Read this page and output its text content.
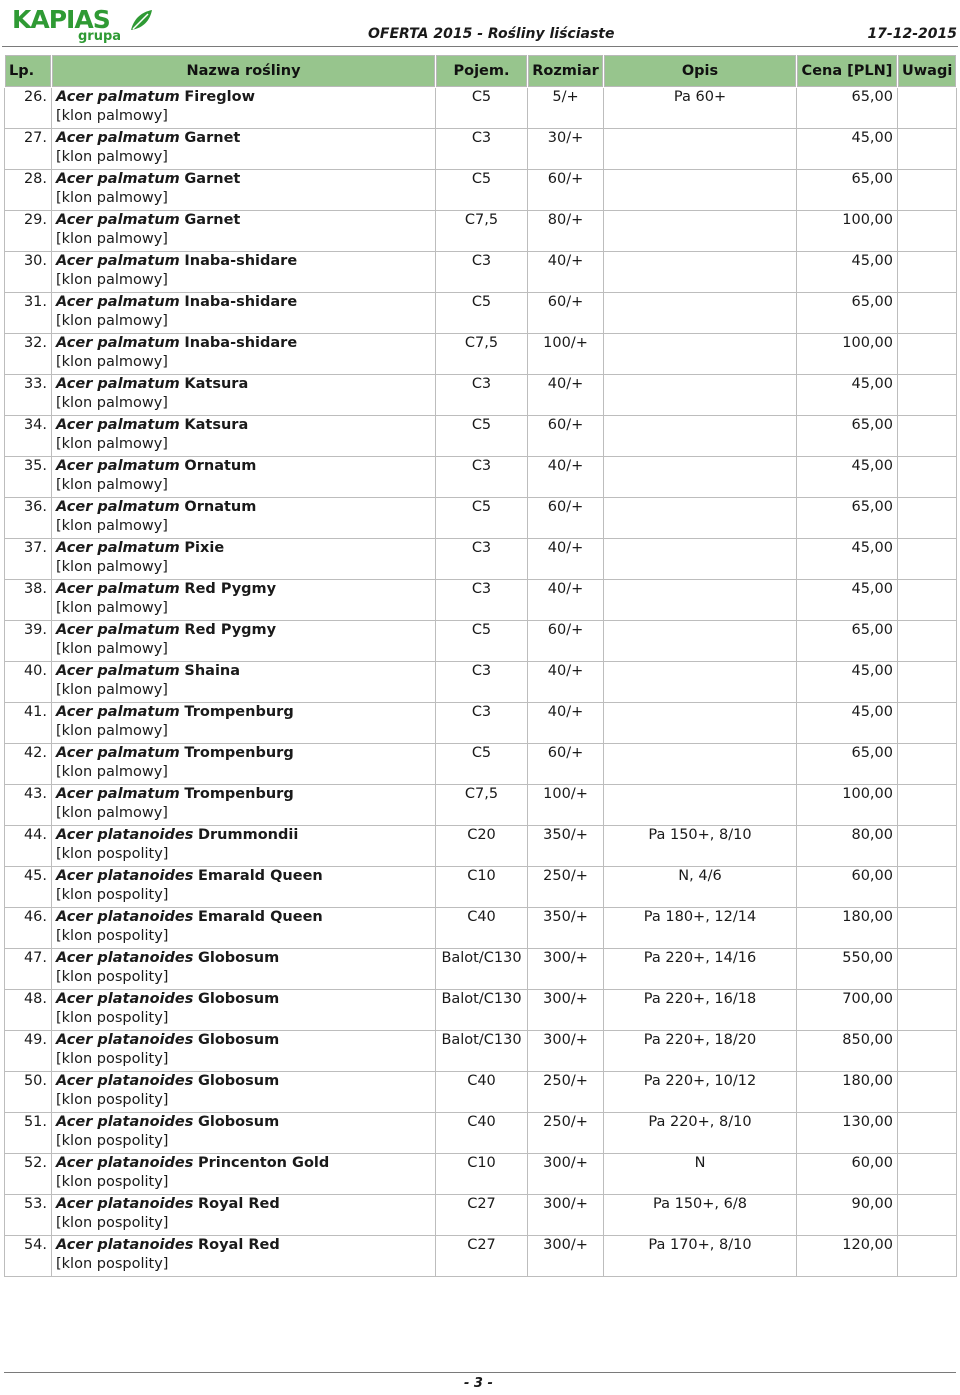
KAPIAS
grupa	OFERTA 2015 - Rośliny liściaste	17-12-2015
Lp.	Nazwa rośliny	Pojem.	Rozmiar	Opis	Cena [PLN]	Uwagi
26.	Acer palmatum Fireglow
[klon palmowy]	C5	5/+	Pa 60+	65,00	
27.	Acer palmatum Garnet
[klon palmowy]	C3	30/+		45,00	
28.	Acer palmatum Garnet
[klon palmowy]	C5	60/+		65,00	
29.	Acer palmatum Garnet
[klon palmowy]	C7,5	80/+		100,00	
30.	Acer palmatum Inaba-shidare
[klon palmowy]	C3	40/+		45,00	
31.	Acer palmatum Inaba-shidare
[klon palmowy]	C5	60/+		65,00	
32.	Acer palmatum Inaba-shidare
[klon palmowy]	C7,5	100/+		100,00	
33.	Acer palmatum Katsura
[klon palmowy]	C3	40/+		45,00	
34.	Acer palmatum Katsura
[klon palmowy]	C5	60/+		65,00	
35.	Acer palmatum Ornatum
[klon palmowy]	C3	40/+		45,00	
36.	Acer palmatum Ornatum
[klon palmowy]	C5	60/+		65,00	
37.	Acer palmatum Pixie
[klon palmowy]	C3	40/+		45,00	
38.	Acer palmatum Red Pygmy
[klon palmowy]	C3	40/+		45,00	
39.	Acer palmatum Red Pygmy
[klon palmowy]	C5	60/+		65,00	
40.	Acer palmatum Shaina
[klon palmowy]	C3	40/+		45,00	
41.	Acer palmatum Trompenburg
[klon palmowy]	C3	40/+		45,00	
42.	Acer palmatum Trompenburg
[klon palmowy]	C5	60/+		65,00	
43.	Acer palmatum Trompenburg
[klon palmowy]	C7,5	100/+		100,00	
44.	Acer platanoides Drummondii
[klon pospolity]	C20	350/+	Pa 150+, 8/10	80,00	
45.	Acer platanoides Emarald Queen
[klon pospolity]	C10	250/+	N, 4/6	60,00	
46.	Acer platanoides Emarald Queen
[klon pospolity]	C40	350/+	Pa 180+, 12/14	180,00	
47.	Acer platanoides Globosum
[klon pospolity]	Balot/C130	300/+	Pa 220+, 14/16	550,00	
48.	Acer platanoides Globosum
[klon pospolity]	Balot/C130	300/+	Pa 220+, 16/18	700,00	
49.	Acer platanoides Globosum
[klon pospolity]	Balot/C130	300/+	Pa 220+, 18/20	850,00	
50.	Acer platanoides Globosum
[klon pospolity]	C40	250/+	Pa 220+, 10/12	180,00	
51.	Acer platanoides Globosum
[klon pospolity]	C40	250/+	Pa 220+, 8/10	130,00	
52.	Acer platanoides Princenton Gold
[klon pospolity]	C10	300/+	N	60,00	
53.	Acer platanoides Royal Red
[klon pospolity]	C27	300/+	Pa 150+, 6/8	90,00	
54.	Acer platanoides Royal Red
[klon pospolity]	C27	300/+	Pa 170+, 8/10	120,00	
- 3 -
